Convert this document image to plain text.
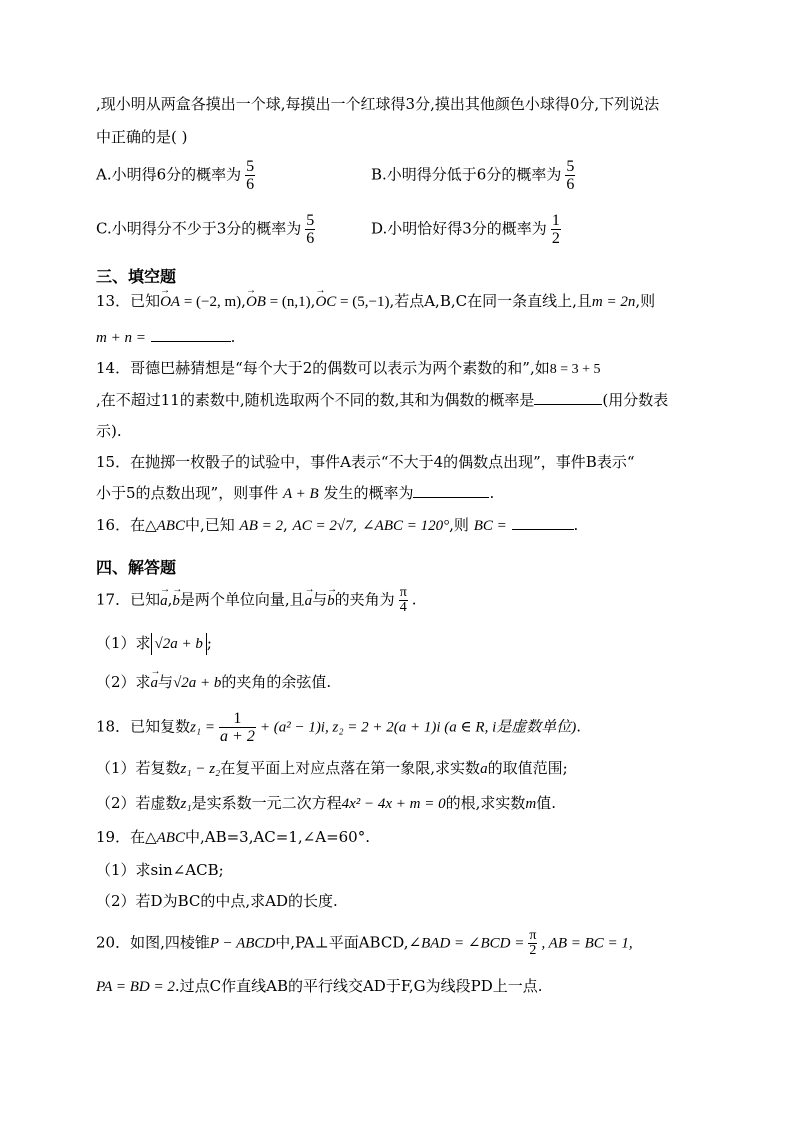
,现小明从两盒各摸出一个球,每摸出一个红球得3分,摸出其他颜色小球得0分,下列说法
中正确的是( )
A.小明得6分的概率为 $\frac{5}{6}$	B.小明得分低于6分的概率为 $\frac{5}{6}$
C.小明得分不少于3分的概率为 $\frac{5}{6}$	D.小明恰好得3分的概率为 $\frac{1}{2}$
三、填空题
13．已知→ OA = (−2, m),→ OB = (n,1),→ OC = (5,−1),若点A,B,C在同一条直线上,且m = 2n,则
m + n =	.
14．哥德巴赫猜想是“每个大于2的偶数可以表示为两个素数的和”,如8 = 3 + 5
,在不超过11的素数中,随机选取两个不同的数,其和为偶数的概率是	(用分数表
示).
15．在抛掷一枚骰子的试验中，事件A表示“不大于4的偶数点出现”，事件B表示“
小于5的点数出现”，则事件 A + B 发生的概率为	.
16．在△ABC中,已知 AB = 2, AC = 2√7, ∠ABC = 120°,则 BC =	.
四、解答题
17．已知→ a,→ b是两个单位向量,且→ a与→ b的夹角为 $\frac{\pi}{4}$ .
（1）求 √2a + b ;
（2）求→ a与√2a + b的夹角的余弦值.
18．已知复数$z_1 = \frac{1}{a + 2} + (a^2 - 1)i$, z₂ = 2 + 2(a + 1)i (a ∈ R, i是虚数单位).
（1）若复数z₁ − z₂在复平面上对应点落在第一象限,求实数a的取值范围;
（2）若虚数z₁是实系数一元二次方程4x² − 4x + m = 0的根,求实数m值.
19．在△ABC中,AB=3,AC=1,∠A=60°.
（1）求sin∠ACB;
（2）若D为BC的中点,求AD的长度.
20．如图,四棱锥P − ABCD中,PA⊥平面ABCD,∠BAD = ∠BCD = $\frac{\pi}{2}$ , AB = BC = 1,
PA = BD = 2.过点C作直线AB的平行线交AD于F,G为线段PD上一点.
